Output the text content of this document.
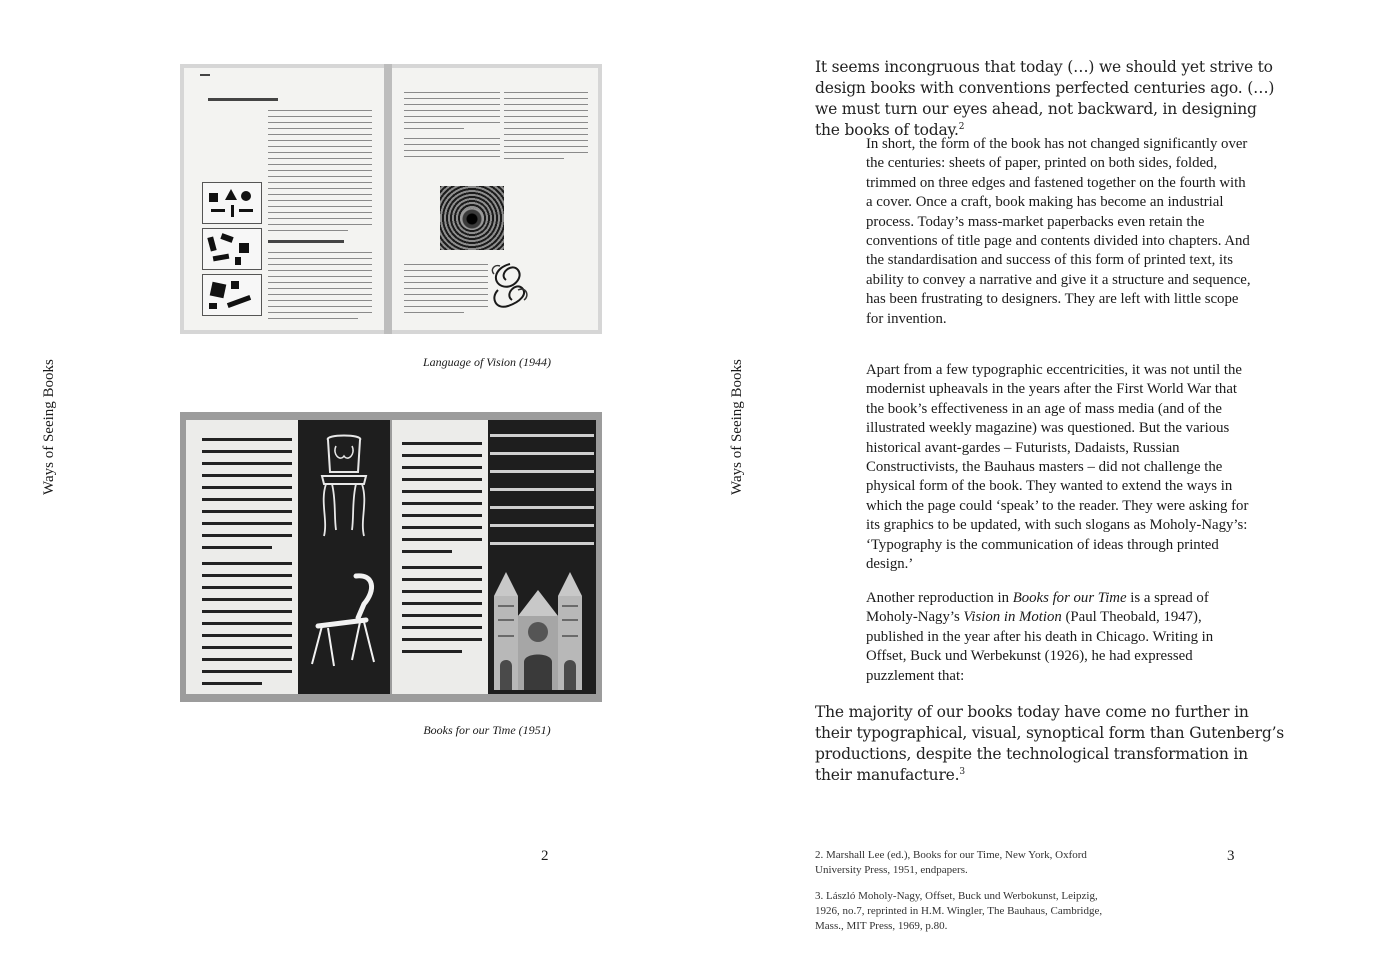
Ways of Seeing Books	Language of Vision (1944)
Books for our Time (1951)
2
Ways of Seeing Books

It seems incongruous that today (…) we should yet strive to design books with conventions perfected centuries ago. (…) we must turn our eyes ahead, not backward, in designing the books of today.$^2$

In short, the form of the book has not changed significantly over the centuries: sheets of paper, printed on both sides, folded, trimmed on three edges and fastened together on the fourth with a cover. Once a craft, book making has become an industrial process. Today’s mass-market paperbacks even retain the conventions of title page and contents divided into chapters. And the standardisation and success of this form of printed text, its ability to convey a narrative and give it a structure and sequence, has been frustrating to designers. They are left with little scope for invention.

Apart from a few typographic eccentricities, it was not until the modernist upheavals in the years after the First World War that the book’s effectiveness in an age of mass media (and of the illustrated weekly magazine) was questioned. But the various historical avant-gardes – Futurists, Dadaists, Russian Constructivists, the Bauhaus masters – did not challenge the physical form of the book. They wanted to extend the ways in which the page could ‘speak’ to the reader. They were asking for its graphics to be updated, with such slogans as Moholy-Nagy’s: ‘Typography is the communication of ideas through printed design.’

Another reproduction in Books for our Time is a spread of Moholy-Nagy’s Vision in Motion (Paul Theobald, 1947), published in the year after his death in Chicago. Writing in Offset, Buck und Werbekunst (1926), he had expressed puzzlement that:

The majority of our books today have come no further in their typographical, visual, synoptical form than Gutenberg’s productions, despite the technological transformation in their manufacture.$^3$

2. Marshall Lee (ed.), Books for our Time, New York, Oxford University Press, 1951, endpapers.

3. László Moholy-Nagy, Offset, Buck und Werbokunst, Leipzig, 1926, no.7, reprinted in H.M. Wingler, The Bauhaus, Cambridge, Mass., MIT Press, 1969, p.80.

3
